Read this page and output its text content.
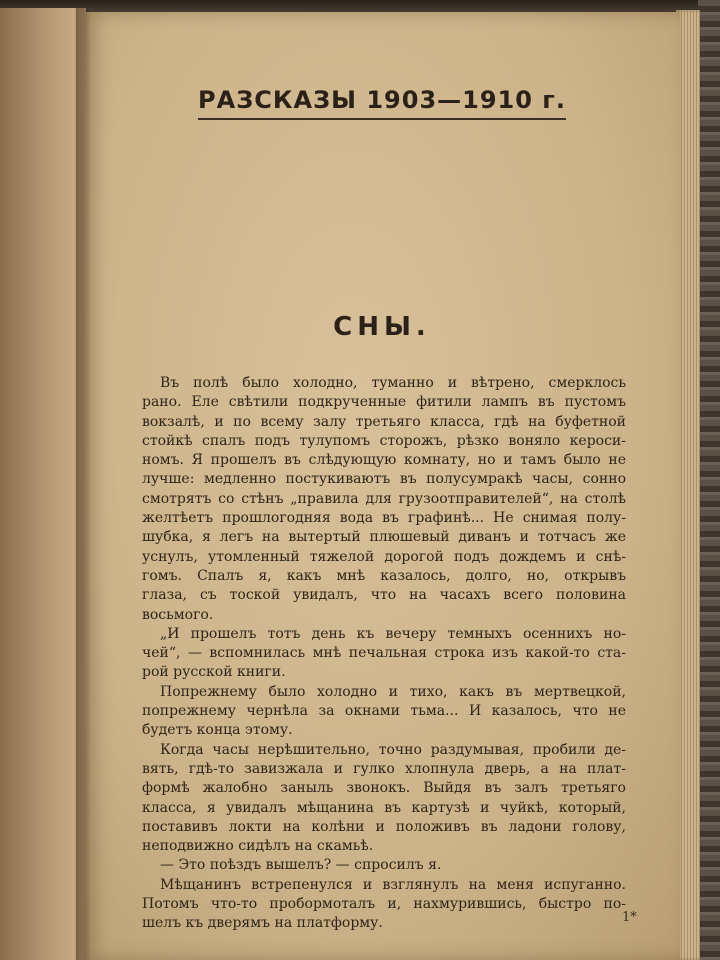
РАЗСКАЗЫ 1903—1910 г.
СНЫ.
Въ полѣ было холодно, туманно и вѣтрено, смерклось
рано. Еле свѣтили подкрученные фитили лампъ въ пустомъ
вокзалѣ, и по всему залу третьяго класса, гдѣ на буфетной
стойкѣ спалъ подъ тулупомъ сторожъ, рѣзко воняло кероси-
номъ. Я прошелъ въ слѣдующую комнату, но и тамъ было не
лучше: медленно постукиваютъ въ полусумракѣ часы, сонно
смотрятъ со стѣнъ „правила для грузоотправителей“, на столѣ
желтѣетъ прошлогодняя вода въ графинѣ... Не снимая полу-
шубка, я легъ на вытертый плюшевый диванъ и тотчасъ же
уснулъ, утомленный тяжелой дорогой подъ дождемъ и снѣ-
гомъ. Спалъ я, какъ мнѣ казалось, долго, но, открывъ
глаза, съ тоской увидалъ, что на часахъ всего половина
восьмого.
„И прошелъ тотъ день къ вечеру темныхъ осеннихъ но-
чей“, — вспомнилась мнѣ печальная строка изъ какой-то ста-
рой русской книги.
Попрежнему было холодно и тихо, какъ въ мертвецкой,
попрежнему чернѣла за окнами тьма... И казалось, что не
будетъ конца этому.
Когда часы нерѣшительно, точно раздумывая, пробили де-
вять, гдѣ-то завизжала и гулко хлопнула дверь, а на плат-
формѣ жалобно заныль звонокъ. Выйдя въ залъ третьяго
класса, я увидалъ мѣщанина въ картузѣ и чуйкѣ, который,
поставивъ локти на колѣни и положивъ въ ладони голову,
неподвижно сидѣлъ на скамьѣ.
— Это поѣздъ вышелъ? — спросилъ я.
Мѣщанинъ встрепенулся и взглянулъ на меня испуганно.
Потомъ что-то пробормоталъ и, нахмурившись, быстро по-
шелъ къ дверямъ на платформу.	1*
